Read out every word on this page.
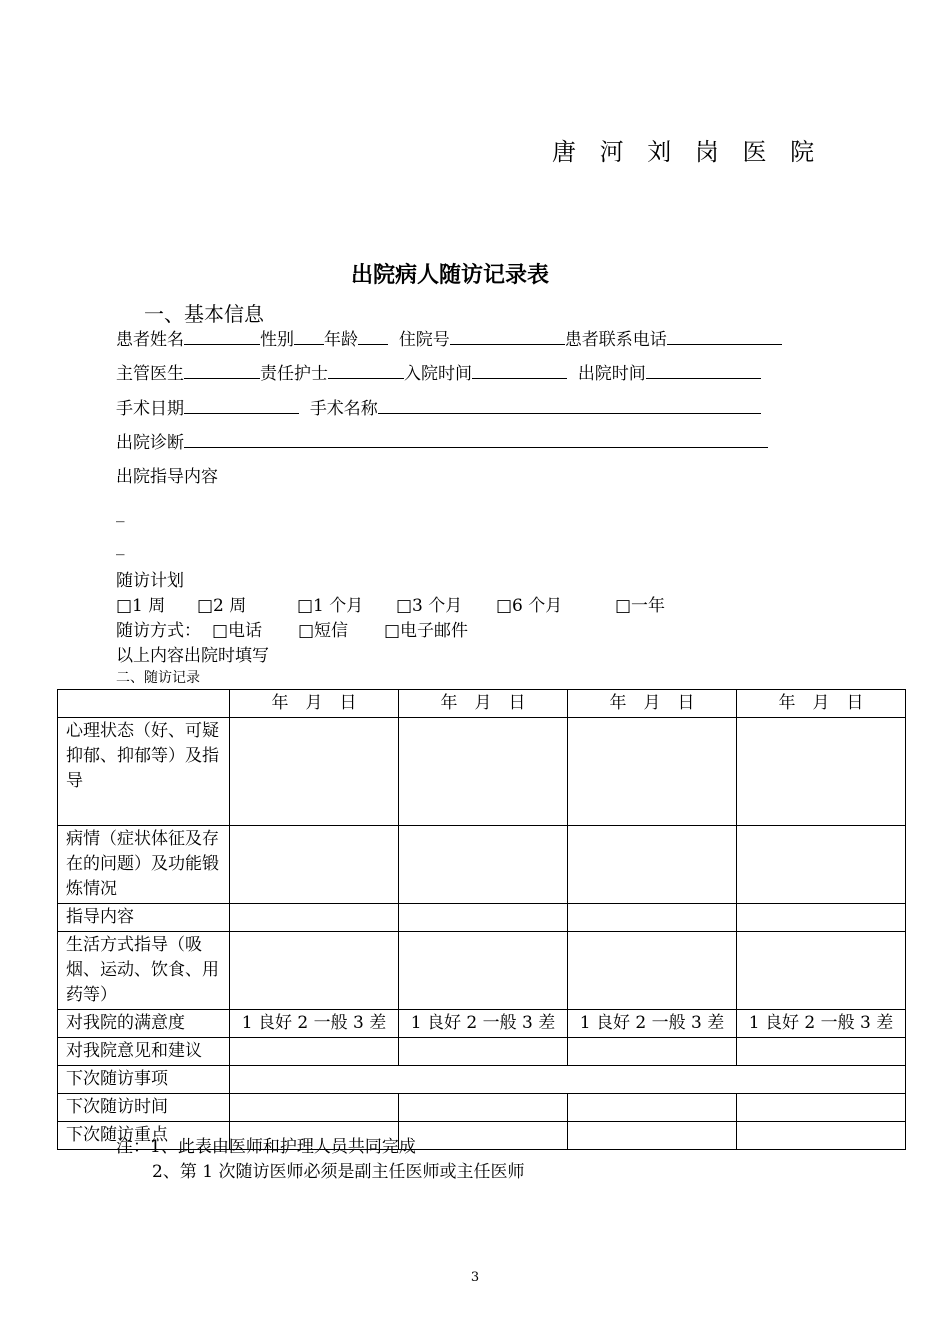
唐 河 刘 岗 医 院
出院病人随访记录表
一、基本信息
患者姓名	性别 年龄 住院号	患者联系电话
主管医生	责任护士	入院时间	出院时间
手术日期	手术名称
出院诊断
出院指导内容
_
_
随访计划
□1 周 □2 周	□1 个月 □3 个月 □6 个月	□一年
随访方式： □电话 □短信 □电子邮件
以上内容出院时填写
二、随访记录
	年　月　日	年　月　日	年　月　日	年　月　日
心理状态（好、可疑抑郁、抑郁等）及指导				
病情（症状体征及存在的问题）及功能锻炼情况				
指导内容				
生活方式指导（吸烟、运动、饮食、用药等）				
对我院的满意度	1 良好 2 一般 3 差	1 良好 2 一般 3 差	1 良好 2 一般 3 差	1 良好 2 一般 3 差
对我院意见和建议				
下次随访事项				
下次随访时间				
下次随访重点				
注：1、此表由医师和护理人员共同完成
2、第 1 次随访医师必须是副主任医师或主任医师
3
